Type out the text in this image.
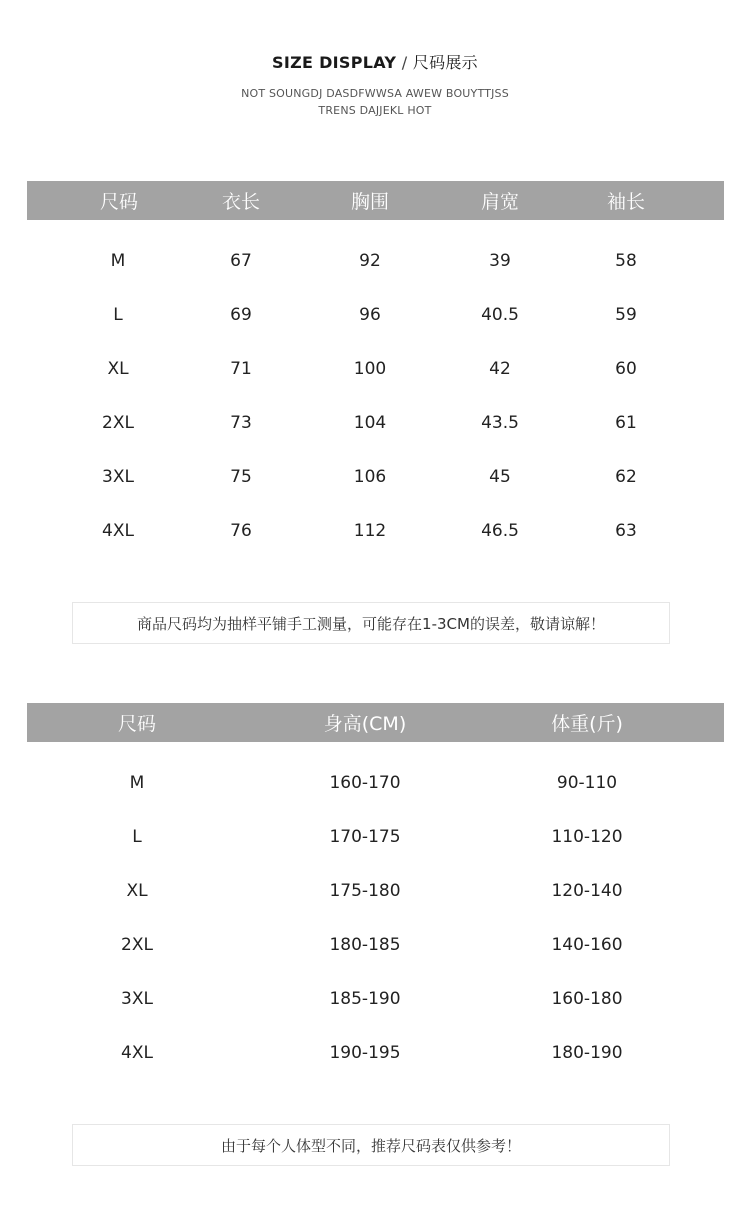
SIZE DISPLAY / 尺码展示
NOT SOUNGDJ DASDFWWSA AWEW BOUYTTJSS
TRENS DAJJEKL HOT
尺码	衣长	胸围	肩宽	袖长
M	67	92	39	58
L	69	96	40.5	59
XL	71	100	42	60
2XL	73	104	43.5	61
3XL	75	106	45	62
4XL	76	112	46.5	63
商品尺码均为抽样平铺手工测量，可能存在1-3CM的误差，敬请谅解！
尺码	身高(CM)	体重(斤)
M	160-170	90-110
L	170-175	110-120
XL	175-180	120-140
2XL	180-185	140-160
3XL	185-190	160-180
4XL	190-195	180-190
由于每个人体型不同，推荐尺码表仅供参考！
